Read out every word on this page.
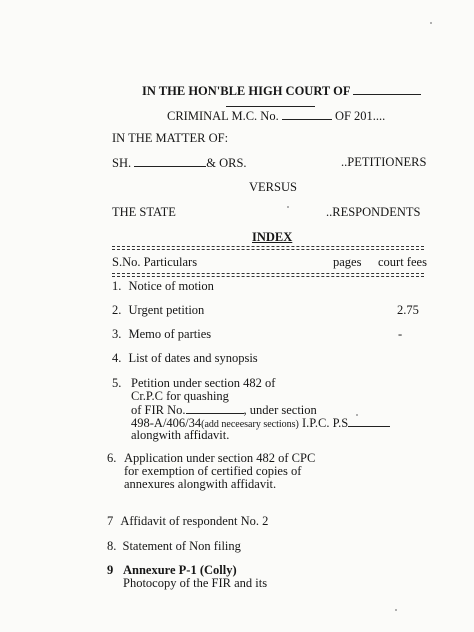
IN THE HON'BLE HIGH COURT OF
CRIMINAL M.C. No.	OF 201....
IN THE MATTER OF:
SH.	& ORS.	..PETITIONERS
VERSUS
THE STATE	..RESPONDENTS
INDEX
S.No. Particulars	pages court fees
1. Notice of motion
2. Urgent petition	2.75
3. Memo of parties	-
4. List of dates and synopsis
5. Petition under section 482 of
Cr.P.C for quashing
of FIR No.	, under section
498-A/406/34(add neceesary sections) I.P.C. P.S
alongwith affidavit.
6. Application under section 482 of CPC
for exemption of certified copies of
annexures alongwith affidavit.
7 Affidavit of respondent No. 2
8. Statement of Non filing
9 Annexure P-1 (Colly)
Photocopy of the FIR and its
